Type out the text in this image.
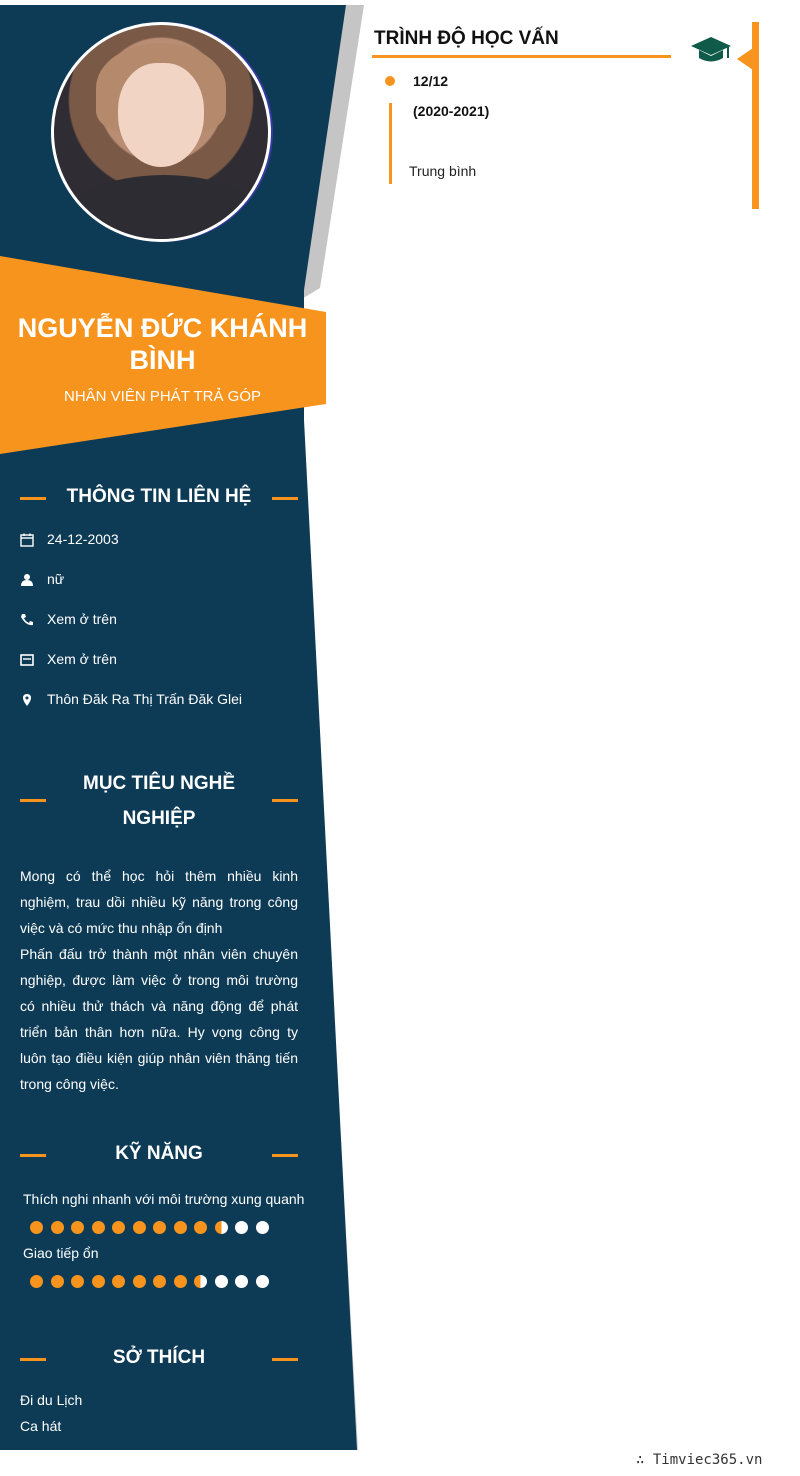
NGUYỄN ĐỨC KHÁNH BÌNH
NHÂN VIÊN PHÁT TRẢ GÓP
THÔNG TIN LIÊN HỆ
24-12-2003
nữ
Xem ở trên
Xem ở trên
Thôn Đăk Ra Thị Trấn Đăk Glei
MỤC TIÊU NGHỀ
NGHIỆP

Mong có thể học hỏi thêm nhiều kinh nghiệm, trau dồi nhiều kỹ năng trong công việc và có mức thu nhập ổn định

Phấn đấu trở thành một nhân viên chuyên nghiệp, được làm việc ở trong môi trường có nhiều thử thách và năng động để phát triển bản thân hơn nữa. Hy vọng công ty luôn tạo điều kiện giúp nhân viên thăng tiến trong công việc.

KỸ NĂNG
Thích nghi nhanh với môi trường xung quanh
Giao tiếp ổn
SỞ THÍCH
Đi du Lịch
Ca hát
TRÌNH ĐỘ HỌC VẤN
12/12
(2020-2021)
Trung bình
∴ Timviec365.vn
